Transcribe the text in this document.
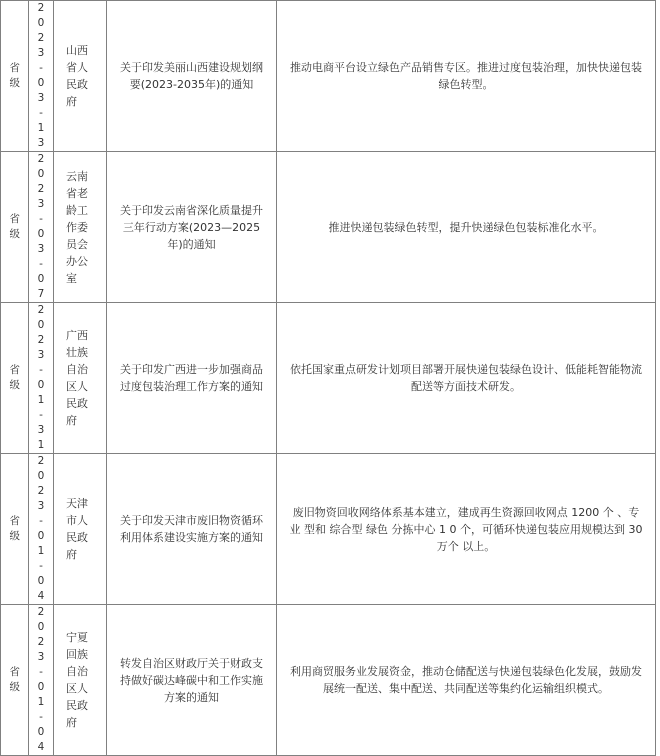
省级	2023-03-13	山西省人民政府	关于印发美丽山西建设规划纲要(2023-2035年)的通知	推动电商平台设立绿色产品销售专区。推进过度包装治理，加快快递包装绿色转型。

省级	2023-03-07	云南省老龄工作委员会办公室	关于印发云南省深化质量提升三年行动方案(2023—2025年)的通知	推进快递包装绿色转型，提升快递绿色包装标准化水平。

省级	2023-01-31	广西壮族自治区人民政府	关于印发广西进一步加强商品过度包装治理工作方案的通知	依托国家重点研发计划项目部署开展快递包装绿色设计、低能耗智能物流配送等方面技术研发。

省级	2023-01-04	天津市人民政府	关于印发天津市废旧物资循环利用体系建设实施方案的通知	废旧物资回收网络体系基本建立，建成再生资源回收网点 1200 个 、专业 型和 综合型 绿色 分拣中心 1 0 个，可循环快递包装应用规模达到 30 万个 以上。

省级	2023-01-04	宁夏回族自治区人民政府	转发自治区财政厅关于财政支持做好碳达峰碳中和工作实施方案的通知	利用商贸服务业发展资金，推动仓储配送与快递包装绿色化发展，鼓励发展统一配送、集中配送、共同配送等集约化运输组织模式。
